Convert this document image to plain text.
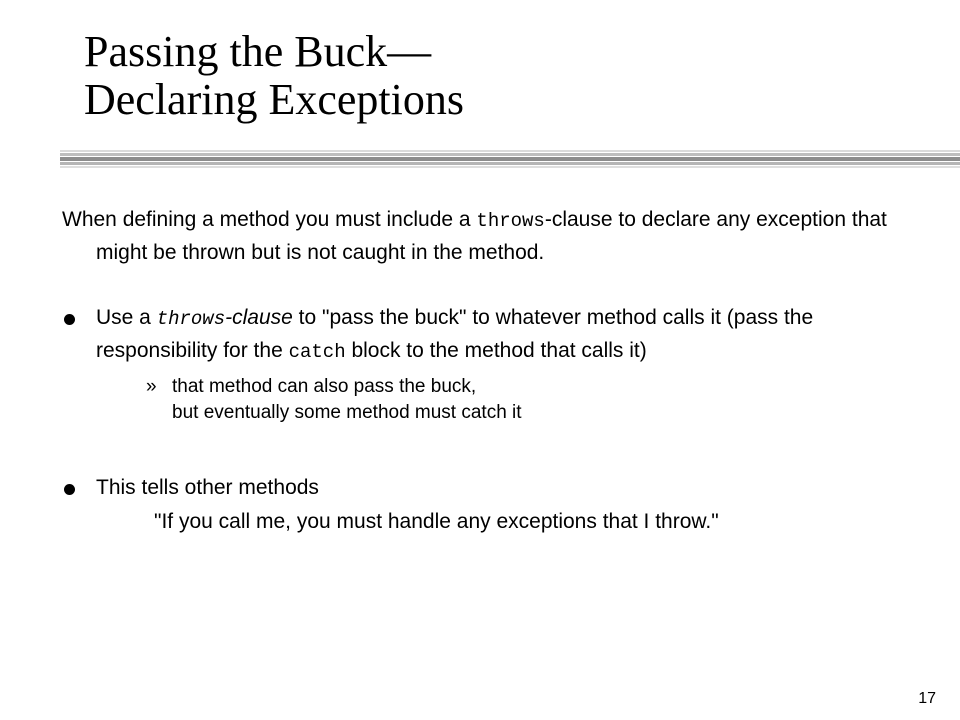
Passing the Buck—
Declaring Exceptions

When defining a method you must include a throws-clause to declare any exception that might be thrown but is not caught in the method.

Use a throws-clause to "pass the buck" to whatever method calls it (pass the responsibility for the catch block to the method that calls it)
» that method can also pass the buck,
but eventually some method must catch it
This tells other methods
"If you call me, you must handle any exceptions that I throw."
17
